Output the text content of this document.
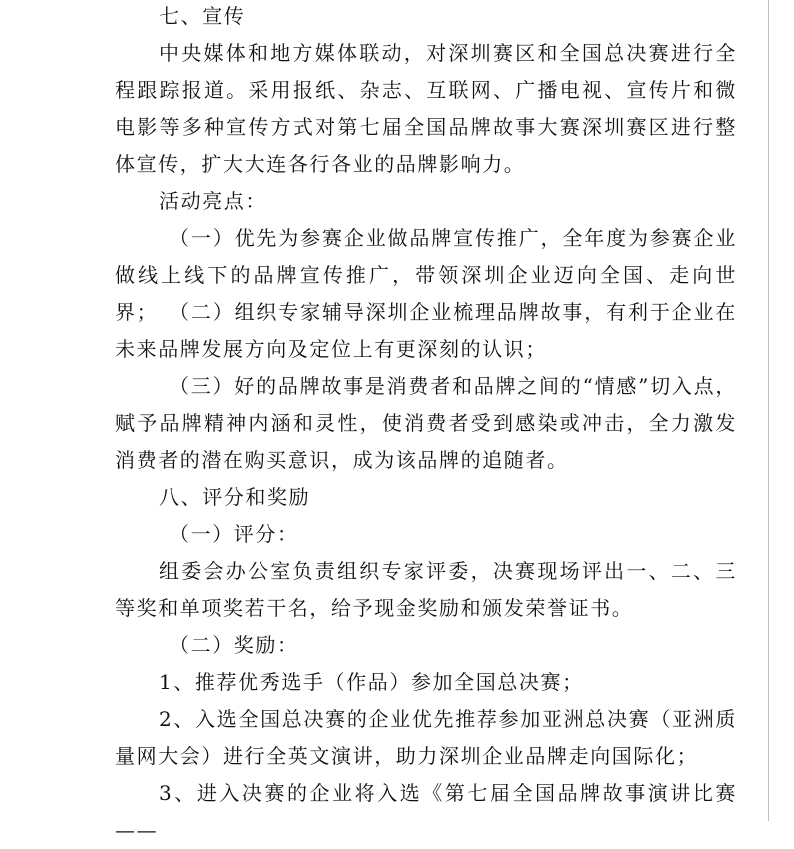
七、宣传

中央媒体和地方媒体联动，对深圳赛区和全国总决赛进行全程跟踪报道。采用报纸、杂志、互联网、广播电视、宣传片和微电影等多种宣传方式对第七届全国品牌故事大赛深圳赛区进行整体宣传，扩大大连各行各业的品牌影响力。

活动亮点：

（一）优先为参赛企业做品牌宣传推广，全年度为参赛企业做线上线下的品牌宣传推广，带领深圳企业迈向全国、走向世界； （二）组织专家辅导深圳企业梳理品牌故事，有利于企业在未来品牌发展方向及定位上有更深刻的认识；

（三）好的品牌故事是消费者和品牌之间的“情感”切入点，赋予品牌精神内涵和灵性，使消费者受到感染或冲击，全力激发消费者的潜在购买意识，成为该品牌的追随者。

八、评分和奖励

（一）评分：

组委会办公室负责组织专家评委，决赛现场评出一、二、三等奖和单项奖若干名，给予现金奖励和颁发荣誉证书。

（二）奖励：

1、推荐优秀选手（作品）参加全国总决赛；

2、入选全国总决赛的企业优先推荐参加亚洲总决赛（亚洲质量网大会）进行全英文演讲，助力深圳企业品牌走向国际化；

3、进入决赛的企业将入选《第七届全国品牌故事演讲比赛——
